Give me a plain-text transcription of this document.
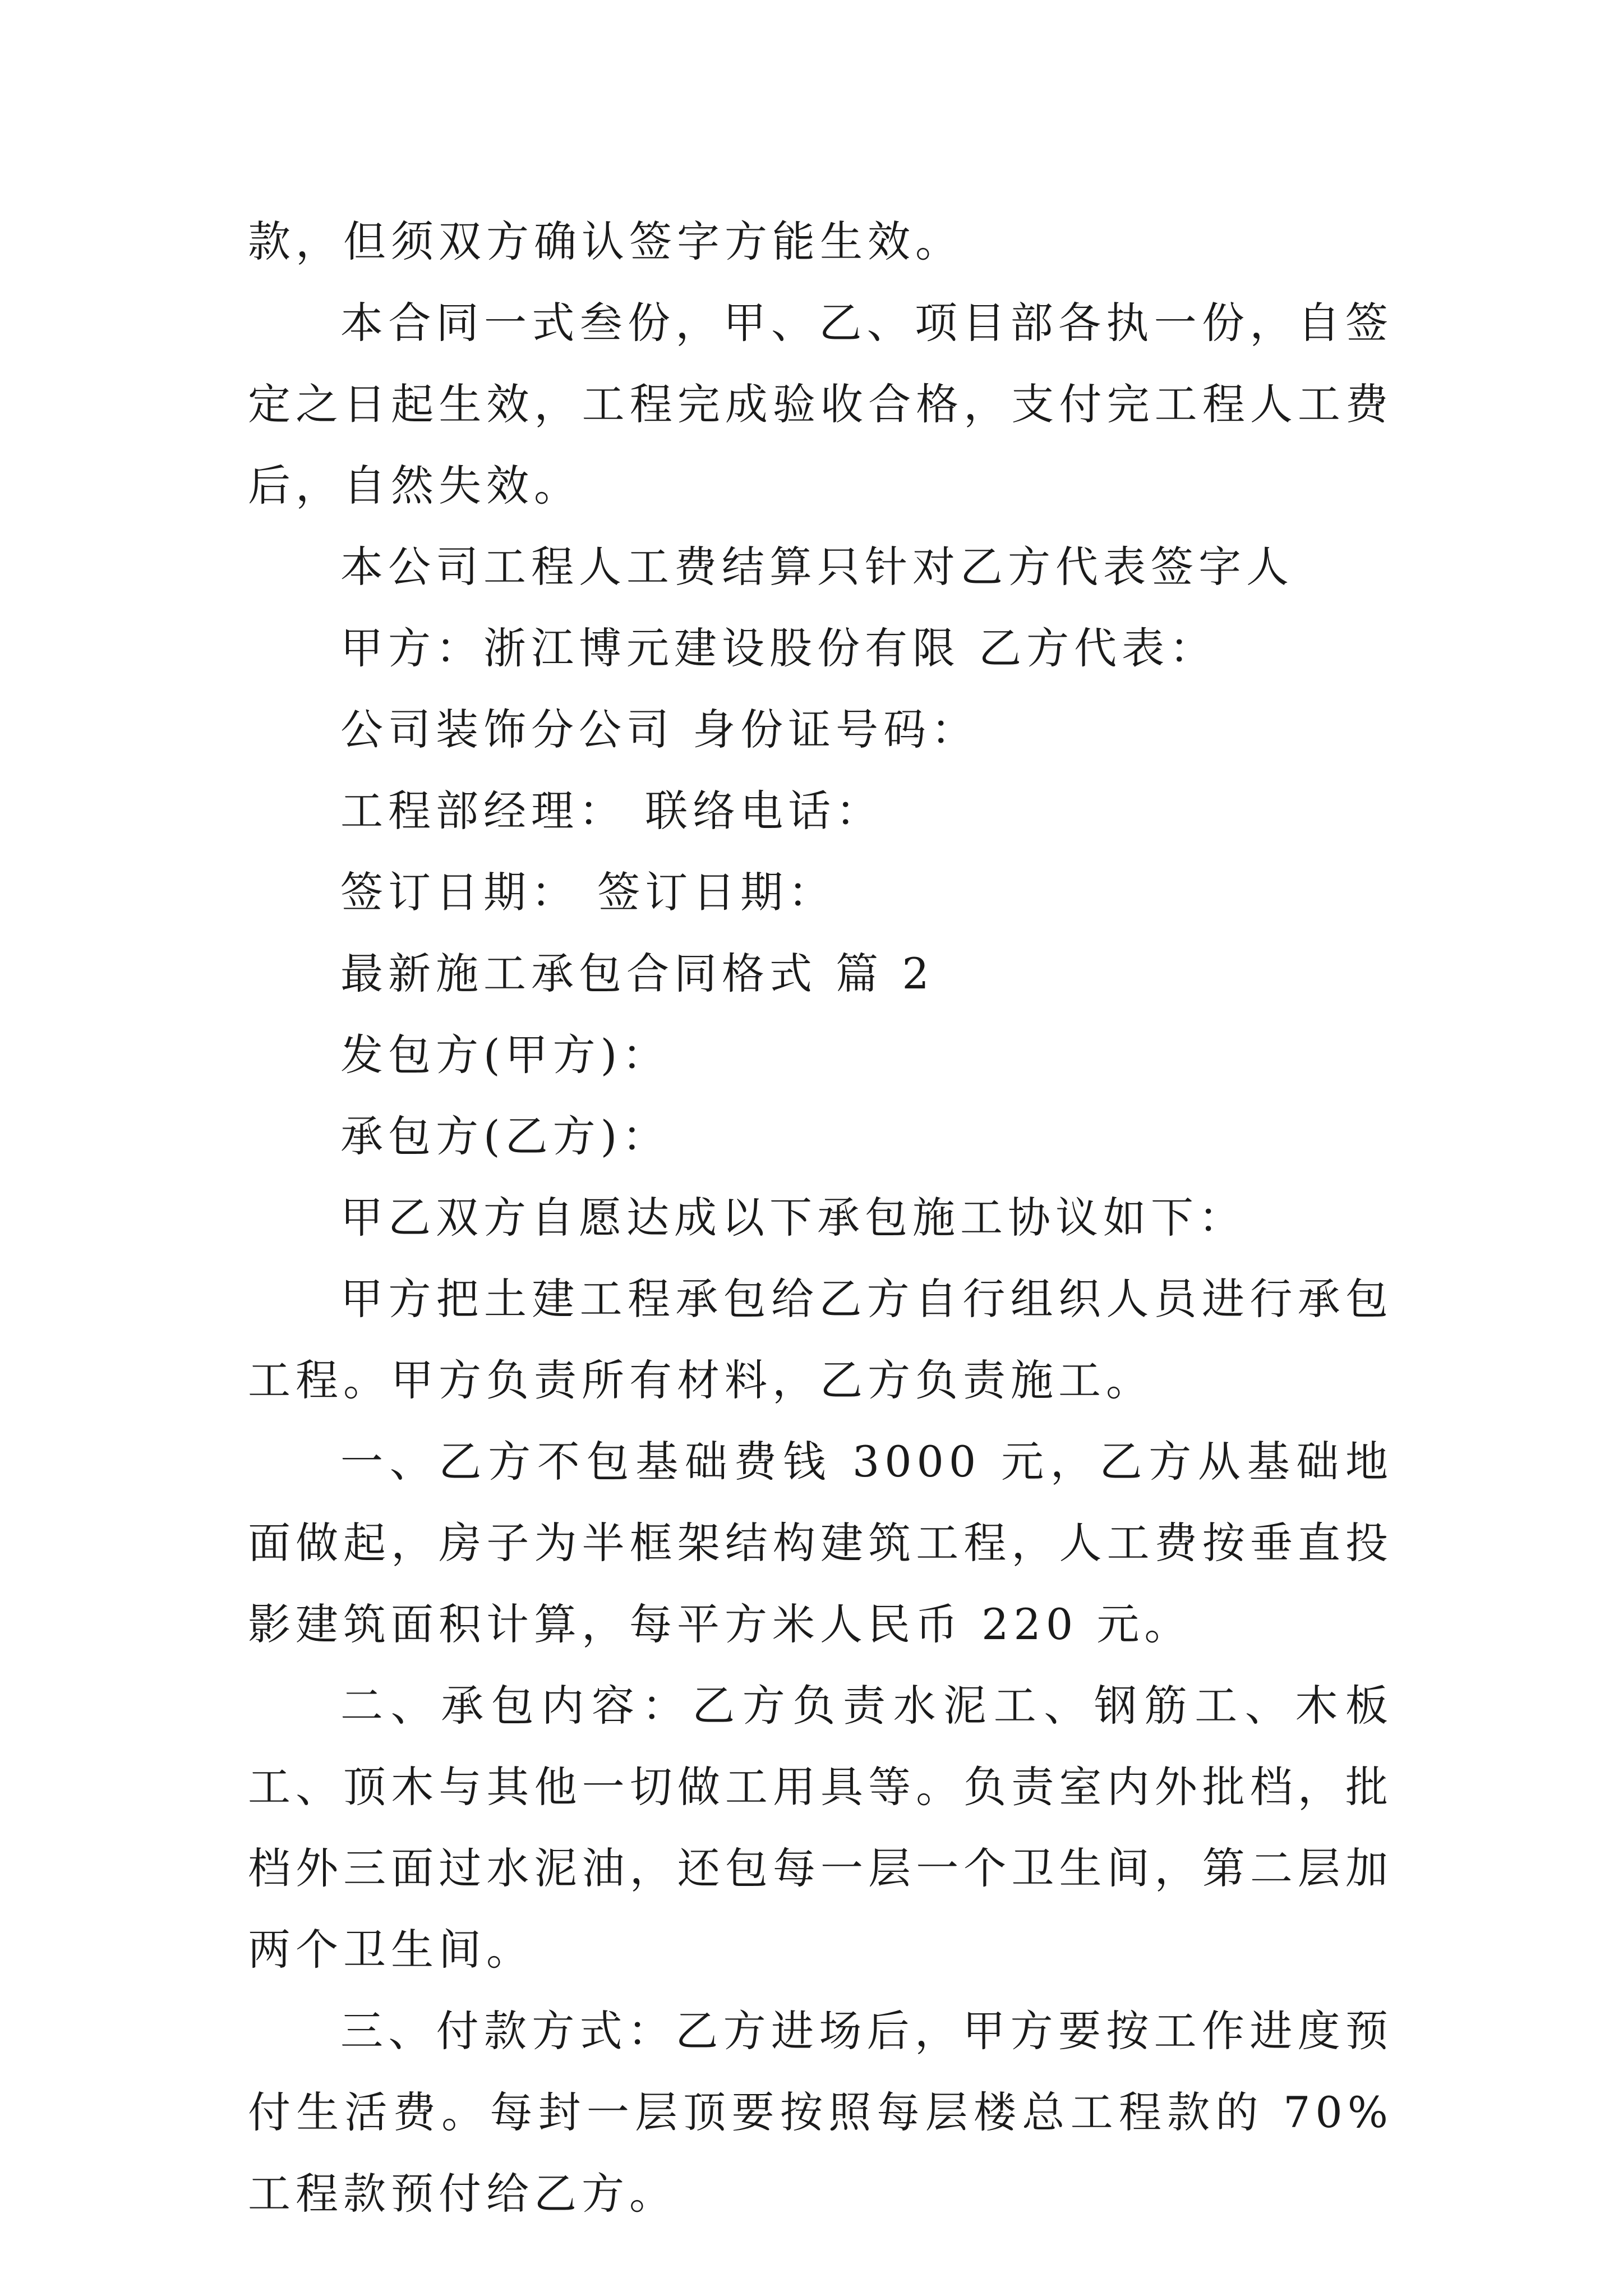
款，但须双方确认签字方能生效。

本合同一式叁份，甲、乙、项目部各执一份，自签定之日起生效，工程完成验收合格，支付完工程人工费后，自然失效。

本公司工程人工费结算只针对乙方代表签字人

甲方：浙江博元建设股份有限 乙方代表：

公司装饰分公司 身份证号码：

工程部经理： 联络电话：

签订日期： 签订日期：

最新施工承包合同格式 篇 2

发包方(甲方)：

承包方(乙方)：

甲乙双方自愿达成以下承包施工协议如下：

甲方把土建工程承包给乙方自行组织人员进行承包工程。甲方负责所有材料，乙方负责施工。

一、乙方不包基础费钱 3000 元，乙方从基础地面做起，房子为半框架结构建筑工程，人工费按垂直投影建筑面积计算，每平方米人民币 220 元。

二、承包内容：乙方负责水泥工、钢筋工、木板工、顶木与其他一切做工用具等。负责室内外批档，批档外三面过水泥油，还包每一层一个卫生间，第二层加两个卫生间。

三、付款方式：乙方进场后，甲方要按工作进度预付生活费。每封一层顶要按照每层楼总工程款的 70%工程款预付给乙方。
